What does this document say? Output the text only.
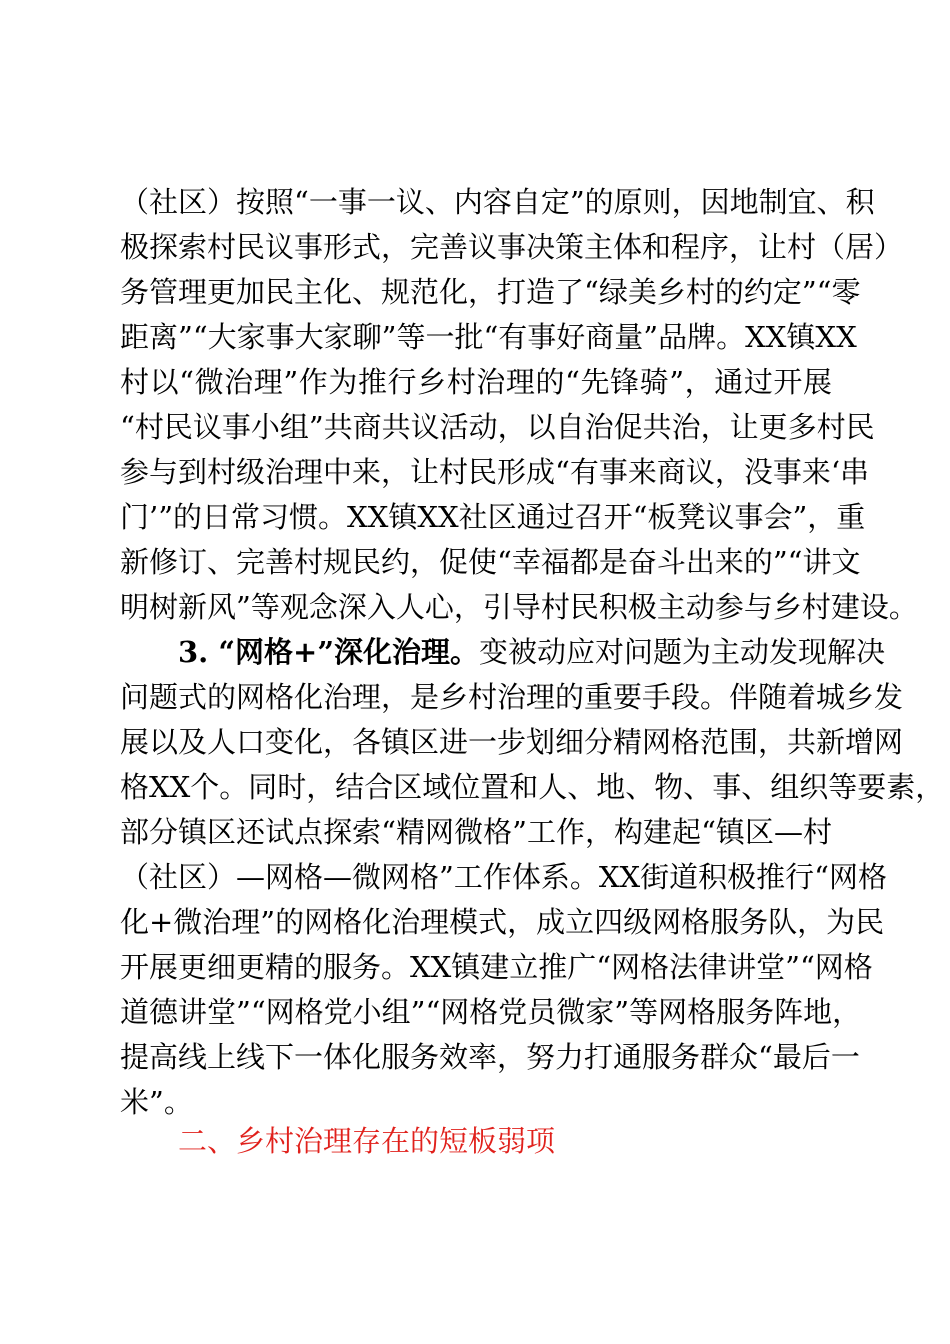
（社区）按照“一事一议、内容自定”的原则，因地制宜、积
极探索村民议事形式，完善议事决策主体和程序，让村（居）
务管理更加民主化、规范化，打造了“绿美乡村的约定”“零
距离”“大家事大家聊”等一批“有事好商量”品牌。XX镇XX
村以“微治理”作为推行乡村治理的“先锋骑”，通过开展
“村民议事小组”共商共议活动，以自治促共治，让更多村民
参与到村级治理中来，让村民形成“有事来商议，没事来‘串
门’”的日常习惯。XX镇XX社区通过召开“板凳议事会”，重
新修订、完善村规民约，促使“幸福都是奋斗出来的”“讲文
明树新风”等观念深入人心，引导村民积极主动参与乡村建设。
3. “网格+”深化治理。变被动应对问题为主动发现解决
问题式的网格化治理，是乡村治理的重要手段。伴随着城乡发
展以及人口变化，各镇区进一步划细分精网格范围，共新增网
格XX个。同时，结合区域位置和人、地、物、事、组织等要素，
部分镇区还试点探索“精网微格”工作，构建起“镇区—村
（社区）—网格—微网格”工作体系。XX街道积极推行“网格
化+微治理”的网格化治理模式，成立四级网格服务队，为民
开展更细更精的服务。XX镇建立推广“网格法律讲堂”“网格
道德讲堂”“网格党小组”“网格党员微家”等网格服务阵地，
提高线上线下一体化服务效率，努力打通服务群众“最后一
米”。
二、乡村治理存在的短板弱项
